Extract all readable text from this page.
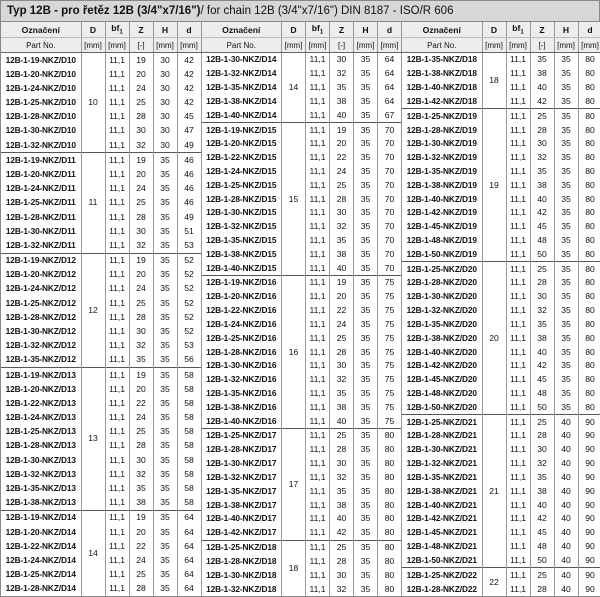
Typ 12B - pro řetěz 12B (3/4"x7/16") / for chain 12B (3/4"x7/16") DIN 8187 - ISO/R 606
Označení	D	$bf_1$	Z	H	d
Part No.	[mm]	[mm]	[-]	[mm]	[mm]
12B-1-19-NKZ/D10	10	11,1	19	30	42
12B-1-20-NKZ/D10		11,1	20	30	42
12B-1-24-NKZ/D10		11,1	24	30	42
12B-1-25-NKZ/D10		11,1	25	30	42
12B-1-28-NKZ/D10		11,1	28	30	45
12B-1-30-NKZ/D10		11,1	30	30	47
12B-1-32-NKZ/D10		11,1	32	30	49
12B-1-19-NKZ/D11	11	11,1	19	35	46
12B-1-20-NKZ/D11		11,1	20	35	46
12B-1-24-NKZ/D11		11,1	24	35	46
12B-1-25-NKZ/D11		11,1	25	35	46
12B-1-28-NKZ/D11		11,1	28	35	49
12B-1-30-NKZ/D11		11,1	30	35	51
12B-1-32-NKZ/D11		11,1	32	35	53
12B-1-19-NKZ/D12	12	11,1	19	35	52
12B-1-20-NKZ/D12		11,1	20	35	52
12B-1-24-NKZ/D12		11,1	24	35	52
12B-1-25-NKZ/D12		11,1	25	35	52
12B-1-28-NKZ/D12		11,1	28	35	52
12B-1-30-NKZ/D12		11,1	30	35	52
12B-1-32-NKZ/D12		11,1	32	35	53
12B-1-35-NKZ/D12		11,1	35	35	56
12B-1-19-NKZ/D13	13	11,1	19	35	58
12B-1-20-NKZ/D13		11,1	20	35	58
12B-1-22-NKZ/D13		11,1	22	35	58
12B-1-24-NKZ/D13		11,1	24	35	58
12B-1-25-NKZ/D13		11,1	25	35	58
12B-1-28-NKZ/D13		11,1	28	35	58
12B-1-30-NKZ/D13		11,1	30	35	58
12B-1-32-NKZ/D13		11,1	32	35	58
12B-1-35-NKZ/D13		11,1	35	35	58
12B-1-38-NKZ/D13		11,1	38	35	58
12B-1-19-NKZ/D14	14	11,1	19	35	64
12B-1-20-NKZ/D14		11,1	20	35	64
12B-1-22-NKZ/D14		11,1	22	35	64
12B-1-24-NKZ/D14		11,1	24	35	64
12B-1-25-NKZ/D14		11,1	25	35	64
12B-1-28-NKZ/D14		11,1	28	35	64
Označení	D	$bf_1$	Z	H	d
Part No.	[mm]	[mm]	[-]	[mm]	[mm]
12B-1-30-NKZ/D14	14	11,1	30	35	64
12B-1-32-NKZ/D14		11,1	32	35	64
12B-1-35-NKZ/D14		11,1	35	35	64
12B-1-38-NKZ/D14		11,1	38	35	64
12B-1-40-NKZ/D14		11,1	40	35	67
12B-1-19-NKZ/D15	15	11,1	19	35	70
12B-1-20-NKZ/D15		11,1	20	35	70
12B-1-22-NKZ/D15		11,1	22	35	70
12B-1-24-NKZ/D15		11,1	24	35	70
12B-1-25-NKZ/D15		11,1	25	35	70
12B-1-28-NKZ/D15		11,1	28	35	70
12B-1-30-NKZ/D15		11,1	30	35	70
12B-1-32-NKZ/D15		11,1	32	35	70
12B-1-35-NKZ/D15		11,1	35	35	70
12B-1-38-NKZ/D15		11,1	38	35	70
12B-1-40-NKZ/D15		11,1	40	35	70
12B-1-19-NKZ/D16	16	11,1	19	35	75
12B-1-20-NKZ/D16		11,1	20	35	75
12B-1-22-NKZ/D16		11,1	22	35	75
12B-1-24-NKZ/D16		11,1	24	35	75
12B-1-25-NKZ/D16		11,1	25	35	75
12B-1-28-NKZ/D16		11,1	28	35	75
12B-1-30-NKZ/D16		11,1	30	35	75
12B-1-32-NKZ/D16		11,1	32	35	75
12B-1-35-NKZ/D16		11,1	35	35	75
12B-1-38-NKZ/D16		11,1	38	35	75
12B-1-40-NKZ/D16		11,1	40	35	75
12B-1-25-NKZ/D17	17	11,1	25	35	80
12B-1-28-NKZ/D17		11,1	28	35	80
12B-1-30-NKZ/D17		11,1	30	35	80
12B-1-32-NKZ/D17		11,1	32	35	80
12B-1-35-NKZ/D17		11,1	35	35	80
12B-1-38-NKZ/D17		11,1	38	35	80
12B-1-40-NKZ/D17		11,1	40	35	80
12B-1-42-NKZ/D17		11,1	42	35	80
12B-1-25-NKZ/D18	18	11,1	25	35	80
12B-1-28-NKZ/D18		11,1	28	35	80
12B-1-30-NKZ/D18		11,1	30	35	80
12B-1-32-NKZ/D18		11,1	32	35	80
Označení	D	$bf_1$	Z	H	d
Part No.	[mm]	[mm]	[-]	[mm]	[mm]
12B-1-35-NKZ/D18	18	11,1	35	35	80
12B-1-38-NKZ/D18		11,1	38	35	80
12B-1-40-NKZ/D18		11,1	40	35	80
12B-1-42-NKZ/D18		11,1	42	35	80
12B-1-25-NKZ/D19	19	11,1	25	35	80
12B-1-28-NKZ/D19		11,1	28	35	80
12B-1-30-NKZ/D19		11,1	30	35	80
12B-1-32-NKZ/D19		11,1	32	35	80
12B-1-35-NKZ/D19		11,1	35	35	80
12B-1-38-NKZ/D19		11,1	38	35	80
12B-1-40-NKZ/D19		11,1	40	35	80
12B-1-42-NKZ/D19		11,1	42	35	80
12B-1-45-NKZ/D19		11,1	45	35	80
12B-1-48-NKZ/D19		11,1	48	35	80
12B-1-50-NKZ/D19		11,1	50	35	80
12B-1-25-NKZ/D20	20	11,1	25	35	80
12B-1-28-NKZ/D20		11,1	28	35	80
12B-1-30-NKZ/D20		11,1	30	35	80
12B-1-32-NKZ/D20		11,1	32	35	80
12B-1-35-NKZ/D20		11,1	35	35	80
12B-1-38-NKZ/D20		11,1	38	35	80
12B-1-40-NKZ/D20		11,1	40	35	80
12B-1-42-NKZ/D20		11,1	42	35	80
12B-1-45-NKZ/D20		11,1	45	35	80
12B-1-48-NKZ/D20		11,1	48	35	80
12B-1-50-NKZ/D20		11,1	50	35	80
12B-1-25-NKZ/D21	21	11,1	25	40	90
12B-1-28-NKZ/D21		11,1	28	40	90
12B-1-30-NKZ/D21		11,1	30	40	90
12B-1-32-NKZ/D21		11,1	32	40	90
12B-1-35-NKZ/D21		11,1	35	40	90
12B-1-38-NKZ/D21		11,1	38	40	90
12B-1-40-NKZ/D21		11,1	40	40	90
12B-1-42-NKZ/D21		11,1	42	40	90
12B-1-45-NKZ/D21		11,1	45	40	90
12B-1-48-NKZ/D21		11,1	48	40	90
12B-1-50-NKZ/D21		11,1	50	40	90
12B-1-25-NKZ/D22	22	11,1	25	40	90
12B-1-28-NKZ/D22		11,1	28	40	90
